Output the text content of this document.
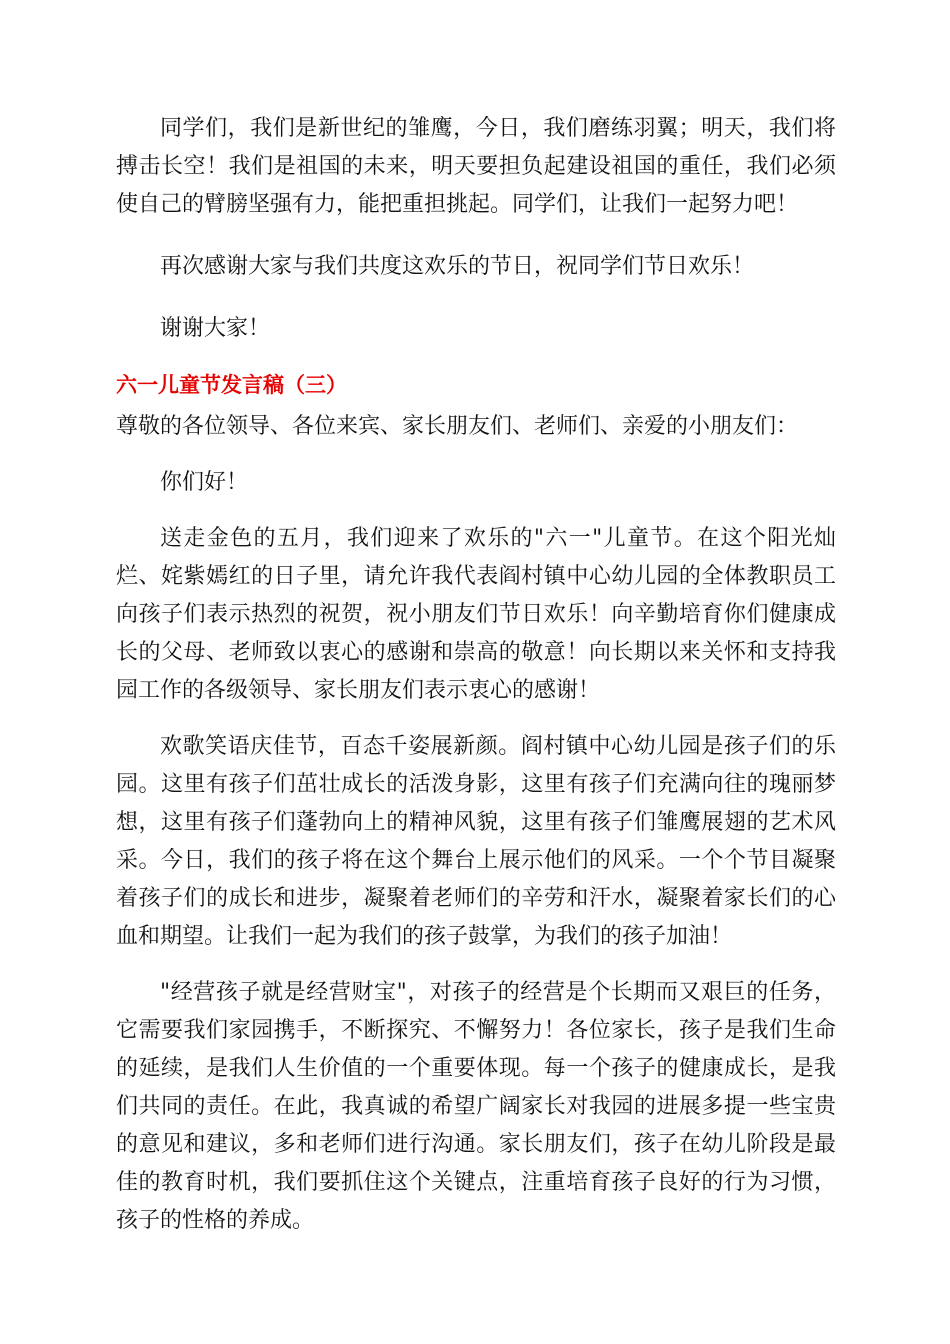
同学们，我们是新世纪的雏鹰，今日，我们磨练羽翼；明天，我们将搏击长空！我们是祖国的未来，明天要担负起建设祖国的重任，我们必须使自己的臂膀坚强有力，能把重担挑起。同学们，让我们一起努力吧！

再次感谢大家与我们共度这欢乐的节日，祝同学们节日欢乐！

谢谢大家！

六一儿童节发言稿（三）

尊敬的各位领导、各位来宾、家长朋友们、老师们、亲爱的小朋友们：

你们好！

送走金色的五月，我们迎来了欢乐的"六一"儿童节。在这个阳光灿烂、姹紫嫣红的日子里，请允许我代表阎村镇中心幼儿园的全体教职员工向孩子们表示热烈的祝贺，祝小朋友们节日欢乐！向辛勤培育你们健康成长的父母、老师致以衷心的感谢和崇高的敬意！向长期以来关怀和支持我园工作的各级领导、家长朋友们表示衷心的感谢！

欢歌笑语庆佳节，百态千姿展新颜。阎村镇中心幼儿园是孩子们的乐园。这里有孩子们茁壮成长的活泼身影，这里有孩子们充满向往的瑰丽梦想，这里有孩子们蓬勃向上的精神风貌，这里有孩子们雏鹰展翅的艺术风采。今日，我们的孩子将在这个舞台上展示他们的风采。一个个节目凝聚着孩子们的成长和进步，凝聚着老师们的辛劳和汗水，凝聚着家长们的心血和期望。让我们一起为我们的孩子鼓掌，为我们的孩子加油！

"经营孩子就是经营财宝"，对孩子的经营是个长期而又艰巨的任务，它需要我们家园携手，不断探究、不懈努力！各位家长，孩子是我们生命的延续，是我们人生价值的一个重要体现。每一个孩子的健康成长，是我们共同的责任。在此，我真诚的希望广阔家长对我园的进展多提一些宝贵的意见和建议，多和老师们进行沟通。家长朋友们，孩子在幼儿阶段是最佳的教育时机，我们要抓住这个关键点，注重培育孩子良好的行为习惯，孩子的性格的养成。
